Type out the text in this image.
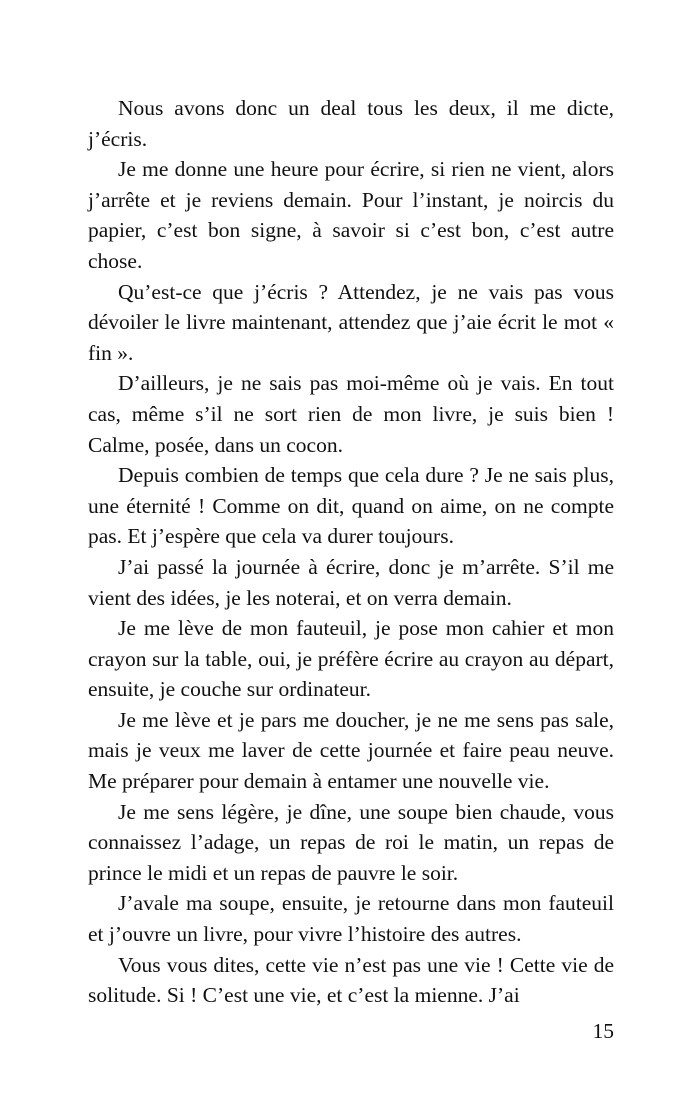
Nous avons donc un deal tous les deux, il me dicte, j’écris.

Je me donne une heure pour écrire, si rien ne vient, alors j’arrête et je reviens demain. Pour l’instant, je noircis du papier, c’est bon signe, à savoir si c’est bon, c’est autre chose.

Qu’est-ce que j’écris ? Attendez, je ne vais pas vous dévoiler le livre maintenant, attendez que j’aie écrit le mot « fin ».

D’ailleurs, je ne sais pas moi-même où je vais. En tout cas, même s’il ne sort rien de mon livre, je suis bien ! Calme, posée, dans un cocon.

Depuis combien de temps que cela dure ? Je ne sais plus, une éternité ! Comme on dit, quand on aime, on ne compte pas. Et j’espère que cela va durer toujours.

J’ai passé la journée à écrire, donc je m’arrête. S’il me vient des idées, je les noterai, et on verra demain.

Je me lève de mon fauteuil, je pose mon cahier et mon crayon sur la table, oui, je préfère écrire au crayon au départ, ensuite, je couche sur ordinateur.

Je me lève et je pars me doucher, je ne me sens pas sale, mais je veux me laver de cette journée et faire peau neuve. Me préparer pour demain à entamer une nouvelle vie.

Je me sens légère, je dîne, une soupe bien chaude, vous connaissez l’adage, un repas de roi le matin, un repas de prince le midi et un repas de pauvre le soir.

J’avale ma soupe, ensuite, je retourne dans mon fauteuil et j’ouvre un livre, pour vivre l’histoire des autres.

Vous vous dites, cette vie n’est pas une vie ! Cette vie de solitude. Si ! C’est une vie, et c’est la mienne. J’ai

15
